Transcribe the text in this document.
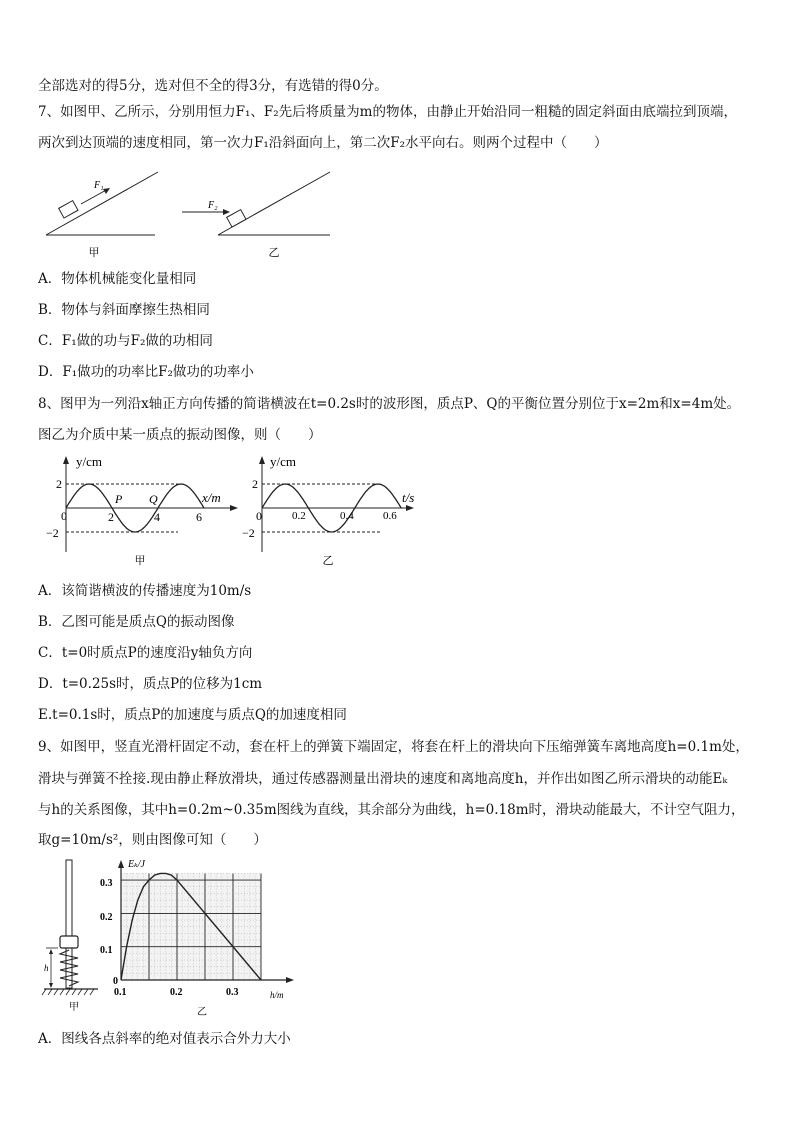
全部选对的得5分，选对但不全的得3分，有选错的得0分。
7、如图甲、乙所示，分别用恒力F₁、F₂先后将质量为m的物体，由静止开始沿同一粗糙的固定斜面由底端拉到顶端，
两次到达顶端的速度相同，第一次力F₁沿斜面向上，第二次F₂水平向右。则两个过程中（　　）
F₁
甲
F₂
乙
A．物体机械能变化量相同
B．物体与斜面摩擦生热相同
C．F₁做的功与F₂做的功相同
D．F₁做功的功率比F₂做功的功率小
8、图甲为一列沿x轴正方向传播的简谐横波在t=0.2s时的波形图，质点P、Q的平衡位置分别位于x=2m和x=4m处。
图乙为介质中某一质点的振动图像，则（　　）
y/cm
2
−2
0	2	4	6
P Q	x/m
甲
y/cm
2
−2
0	0.2	0.4	0.6
t/s
乙
A．该简谐横波的传播速度为10m/s
B．乙图可能是质点Q的振动图像
C．t=0时质点P的速度沿y轴负方向
D．t=0.25s时，质点P的位移为1cm
E.t=0.1s时，质点P的加速度与质点Q的加速度相同
9、如图甲，竖直光滑杆固定不动，套在杆上的弹簧下端固定，将套在杆上的滑块向下压缩弹簧车离地高度h=0.1m处，
滑块与弹簧不拴接.现由静止释放滑块，通过传感器测量出滑块的速度和离地高度h，并作出如图乙所示滑块的动能Eₖ
与h的关系图像，其中h=0.2m~0.35m图线为直线，其余部分为曲线，h=0.18m时，滑块动能最大，不计空气阻力，
取g=10m/s²，则由图像可知（　　）
h
甲
Eₖ/J
0.3
0.2
0.1
0
0.1	0.2	0.3	h/m
乙
A．图线各点斜率的绝对值表示合外力大小
